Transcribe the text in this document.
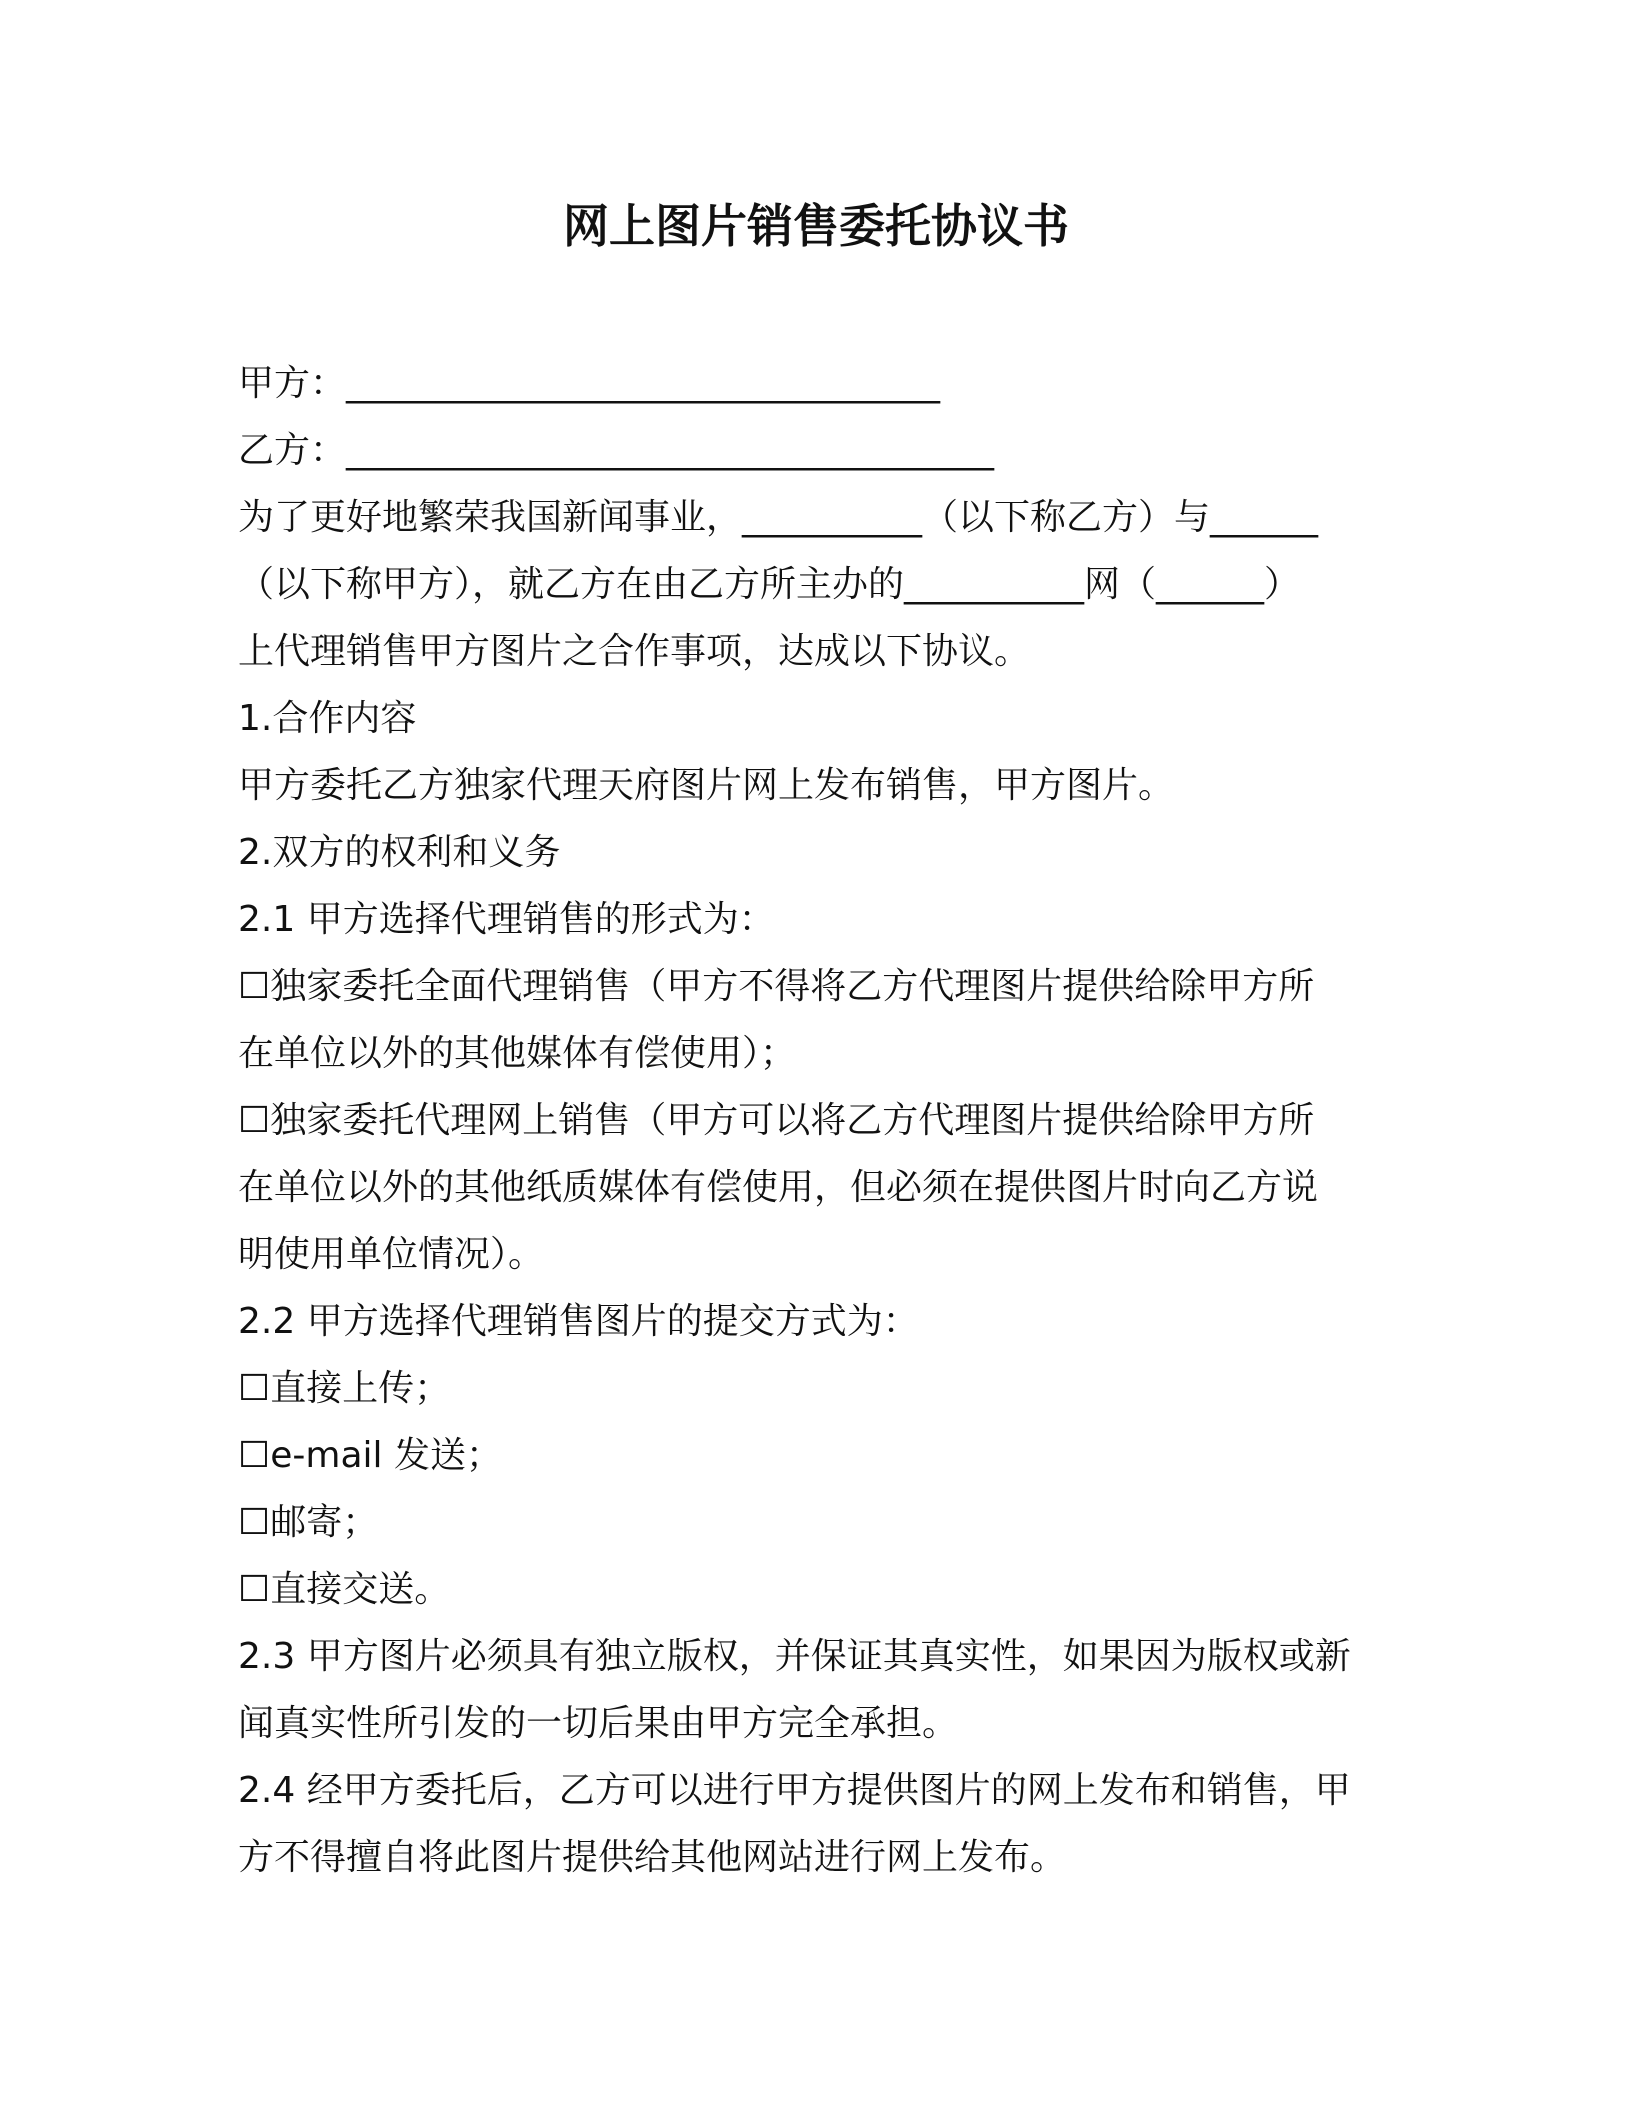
网上图片销售委托协议书
甲方：_________________________________
乙方：____________________________________
为了更好地繁荣我国新闻事业，__________（以下称乙方）与______
（以下称甲方），就乙方在由乙方所主办的__________网（______）
上代理销售甲方图片之合作事项，达成以下协议。
1.合作内容
甲方委托乙方独家代理天府图片网上发布销售，甲方图片。
2.双方的权利和义务
2.1 甲方选择代理销售的形式为：
☐独家委托全面代理销售（甲方不得将乙方代理图片提供给除甲方所
在单位以外的其他媒体有偿使用）；
☐独家委托代理网上销售（甲方可以将乙方代理图片提供给除甲方所
在单位以外的其他纸质媒体有偿使用，但必须在提供图片时向乙方说
明使用单位情况）。
2.2 甲方选择代理销售图片的提交方式为：
☐直接上传；
☐e-mail 发送；
☐邮寄；
☐直接交送。
2.3 甲方图片必须具有独立版权，并保证其真实性，如果因为版权或新
闻真实性所引发的一切后果由甲方完全承担。
2.4 经甲方委托后，乙方可以进行甲方提供图片的网上发布和销售，甲
方不得擅自将此图片提供给其他网站进行网上发布。
